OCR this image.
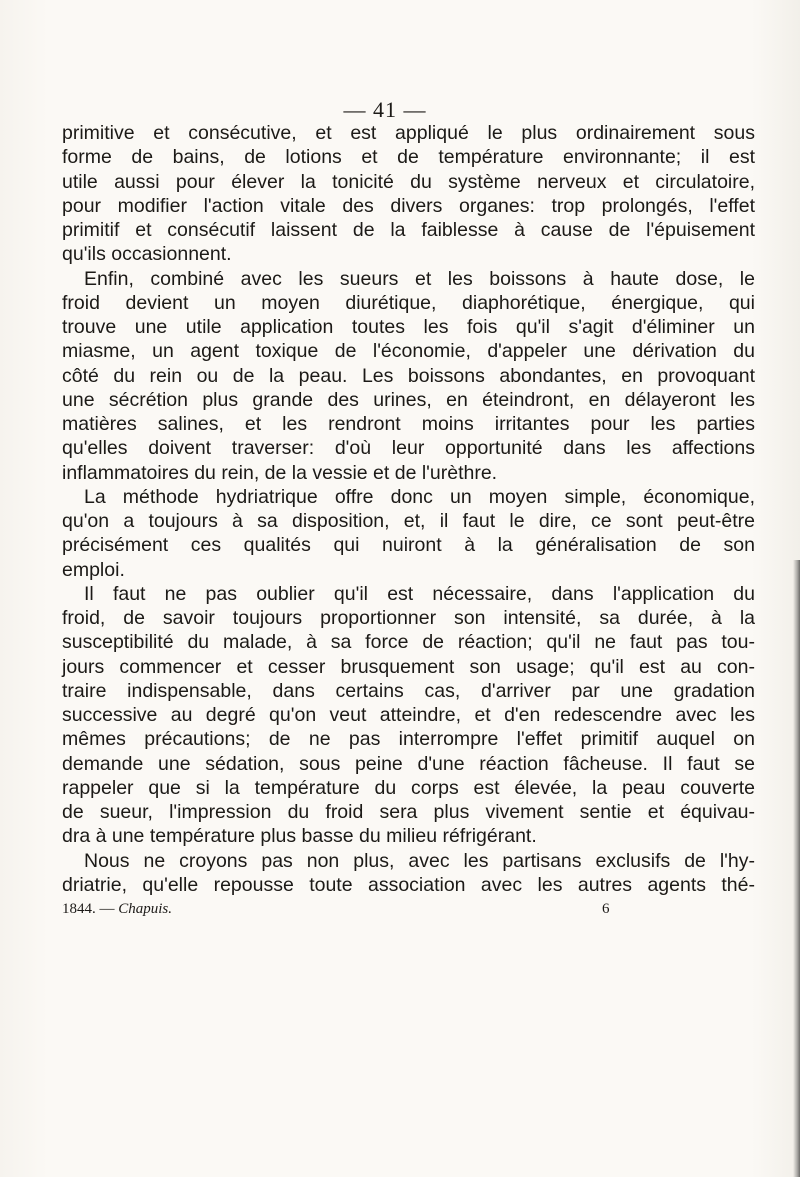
— 41 —
primitive et consécutive, et est appliqué le plus ordinairement sous
forme de bains, de lotions et de température environnante; il est
utile aussi pour élever la tonicité du système nerveux et circulatoire,
pour modifier l'action vitale des divers organes: trop prolongés, l'effet
primitif et consécutif laissent de la faiblesse à cause de l'épuisement
qu'ils occasionnent.
Enfin, combiné avec les sueurs et les boissons à haute dose, le
froid devient un moyen diurétique, diaphorétique, énergique, qui
trouve une utile application toutes les fois qu'il s'agit d'éliminer un
miasme, un agent toxique de l'économie, d'appeler une dérivation du
côté du rein ou de la peau. Les boissons abondantes, en provoquant
une sécrétion plus grande des urines, en éteindront, en délayeront les
matières salines, et les rendront moins irritantes pour les parties
qu'elles doivent traverser: d'où leur opportunité dans les affections
inflammatoires du rein, de la vessie et de l'urèthre.
La méthode hydriatrique offre donc un moyen simple, économique,
qu'on a toujours à sa disposition, et, il faut le dire, ce sont peut-être
précisément ces qualités qui nuiront à la généralisation de son
emploi.
Il faut ne pas oublier qu'il est nécessaire, dans l'application du
froid, de savoir toujours proportionner son intensité, sa durée, à la
susceptibilité du malade, à sa force de réaction; qu'il ne faut pas tou-
jours commencer et cesser brusquement son usage; qu'il est au con-
traire indispensable, dans certains cas, d'arriver par une gradation
successive au degré qu'on veut atteindre, et d'en redescendre avec les
mêmes précautions; de ne pas interrompre l'effet primitif auquel on
demande une sédation, sous peine d'une réaction fâcheuse. Il faut se
rappeler que si la température du corps est élevée, la peau couverte
de sueur, l'impression du froid sera plus vivement sentie et équivau-
dra à une température plus basse du milieu réfrigérant.
Nous ne croyons pas non plus, avec les partisans exclusifs de l'hy-
driatrie, qu'elle repousse toute association avec les autres agents thé-
1844. — Chapuis.	6
